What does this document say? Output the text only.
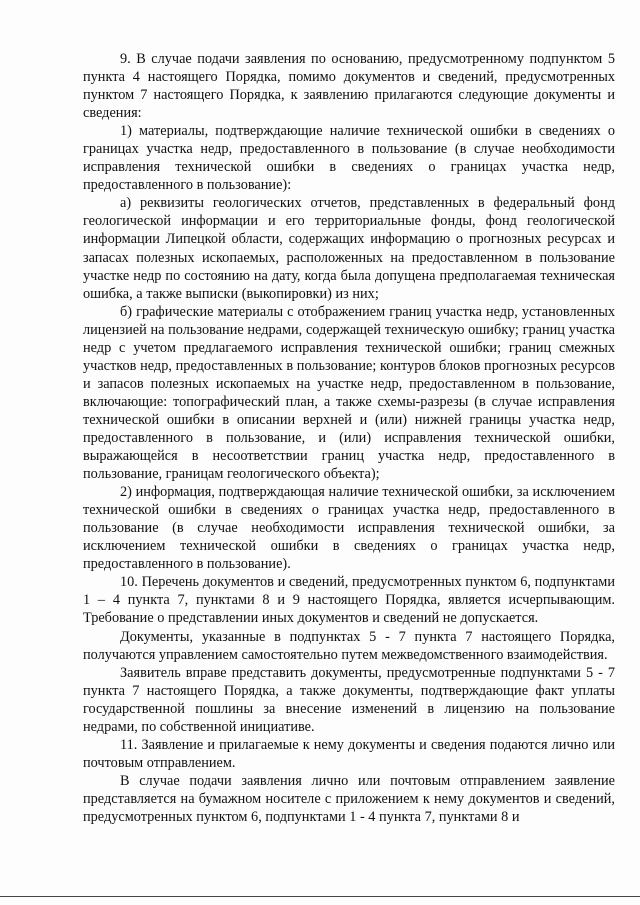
9. В случае подачи заявления по основанию, предусмотренному подпунктом 5 пункта 4 настоящего Порядка, помимо документов и сведений, предусмотренных пунктом 7 настоящего Порядка, к заявлению прилагаются следующие документы и сведения:

1) материалы, подтверждающие наличие технической ошибки в сведениях о границах участка недр, предоставленного в пользование (в случае необходимости исправления технической ошибки в сведениях о границах участка недр, предоставленного в пользование):

а) реквизиты геологических отчетов, представленных в федеральный фонд геологической информации и его территориальные фонды, фонд геологической информации Липецкой области, содержащих информацию о прогнозных ресурсах и запасах полезных ископаемых, расположенных на предоставленном в пользование участке недр по состоянию на дату, когда была допущена предполагаемая техническая ошибка, а также выписки (выкопировки) из них;

б) графические материалы с отображением границ участка недр, установленных лицензией на пользование недрами, содержащей техническую ошибку; границ участка недр с учетом предлагаемого исправления технической ошибки; границ смежных участков недр, предоставленных в пользование; контуров блоков прогнозных ресурсов и запасов полезных ископаемых на участке недр, предоставленном в пользование, включающие: топографический план, а также схемы-разрезы (в случае исправления технической ошибки в описании верхней и (или) нижней границы участка недр, предоставленного в пользование, и (или) исправления технической ошибки, выражающейся в несоответствии границ участка недр, предоставленного в пользование, границам геологического объекта);

2) информация, подтверждающая наличие технической ошибки, за исключением технической ошибки в сведениях о границах участка недр, предоставленного в пользование (в случае необходимости исправления технической ошибки, за исключением технической ошибки в сведениях о границах участка недр, предоставленного в пользование).

10. Перечень документов и сведений, предусмотренных пунктом 6, подпунктами 1 – 4 пункта 7, пунктами 8 и 9 настоящего Порядка, является исчерпывающим. Требование о представлении иных документов и сведений не допускается.

Документы, указанные в подпунктах 5 - 7 пункта 7 настоящего Порядка, получаются управлением самостоятельно путем межведомственного взаимодействия.

Заявитель вправе представить документы, предусмотренные подпунктами 5 - 7 пункта 7 настоящего Порядка, а также документы, подтверждающие факт уплаты государственной пошлины за внесение изменений в лицензию на пользование недрами, по собственной инициативе.

11. Заявление и прилагаемые к нему документы и сведения подаются лично или почтовым отправлением.

В случае подачи заявления лично или почтовым отправлением заявление представляется на бумажном носителе с приложением к нему документов и сведений, предусмотренных пунктом 6, подпунктами 1 - 4 пункта 7, пунктами 8 и
